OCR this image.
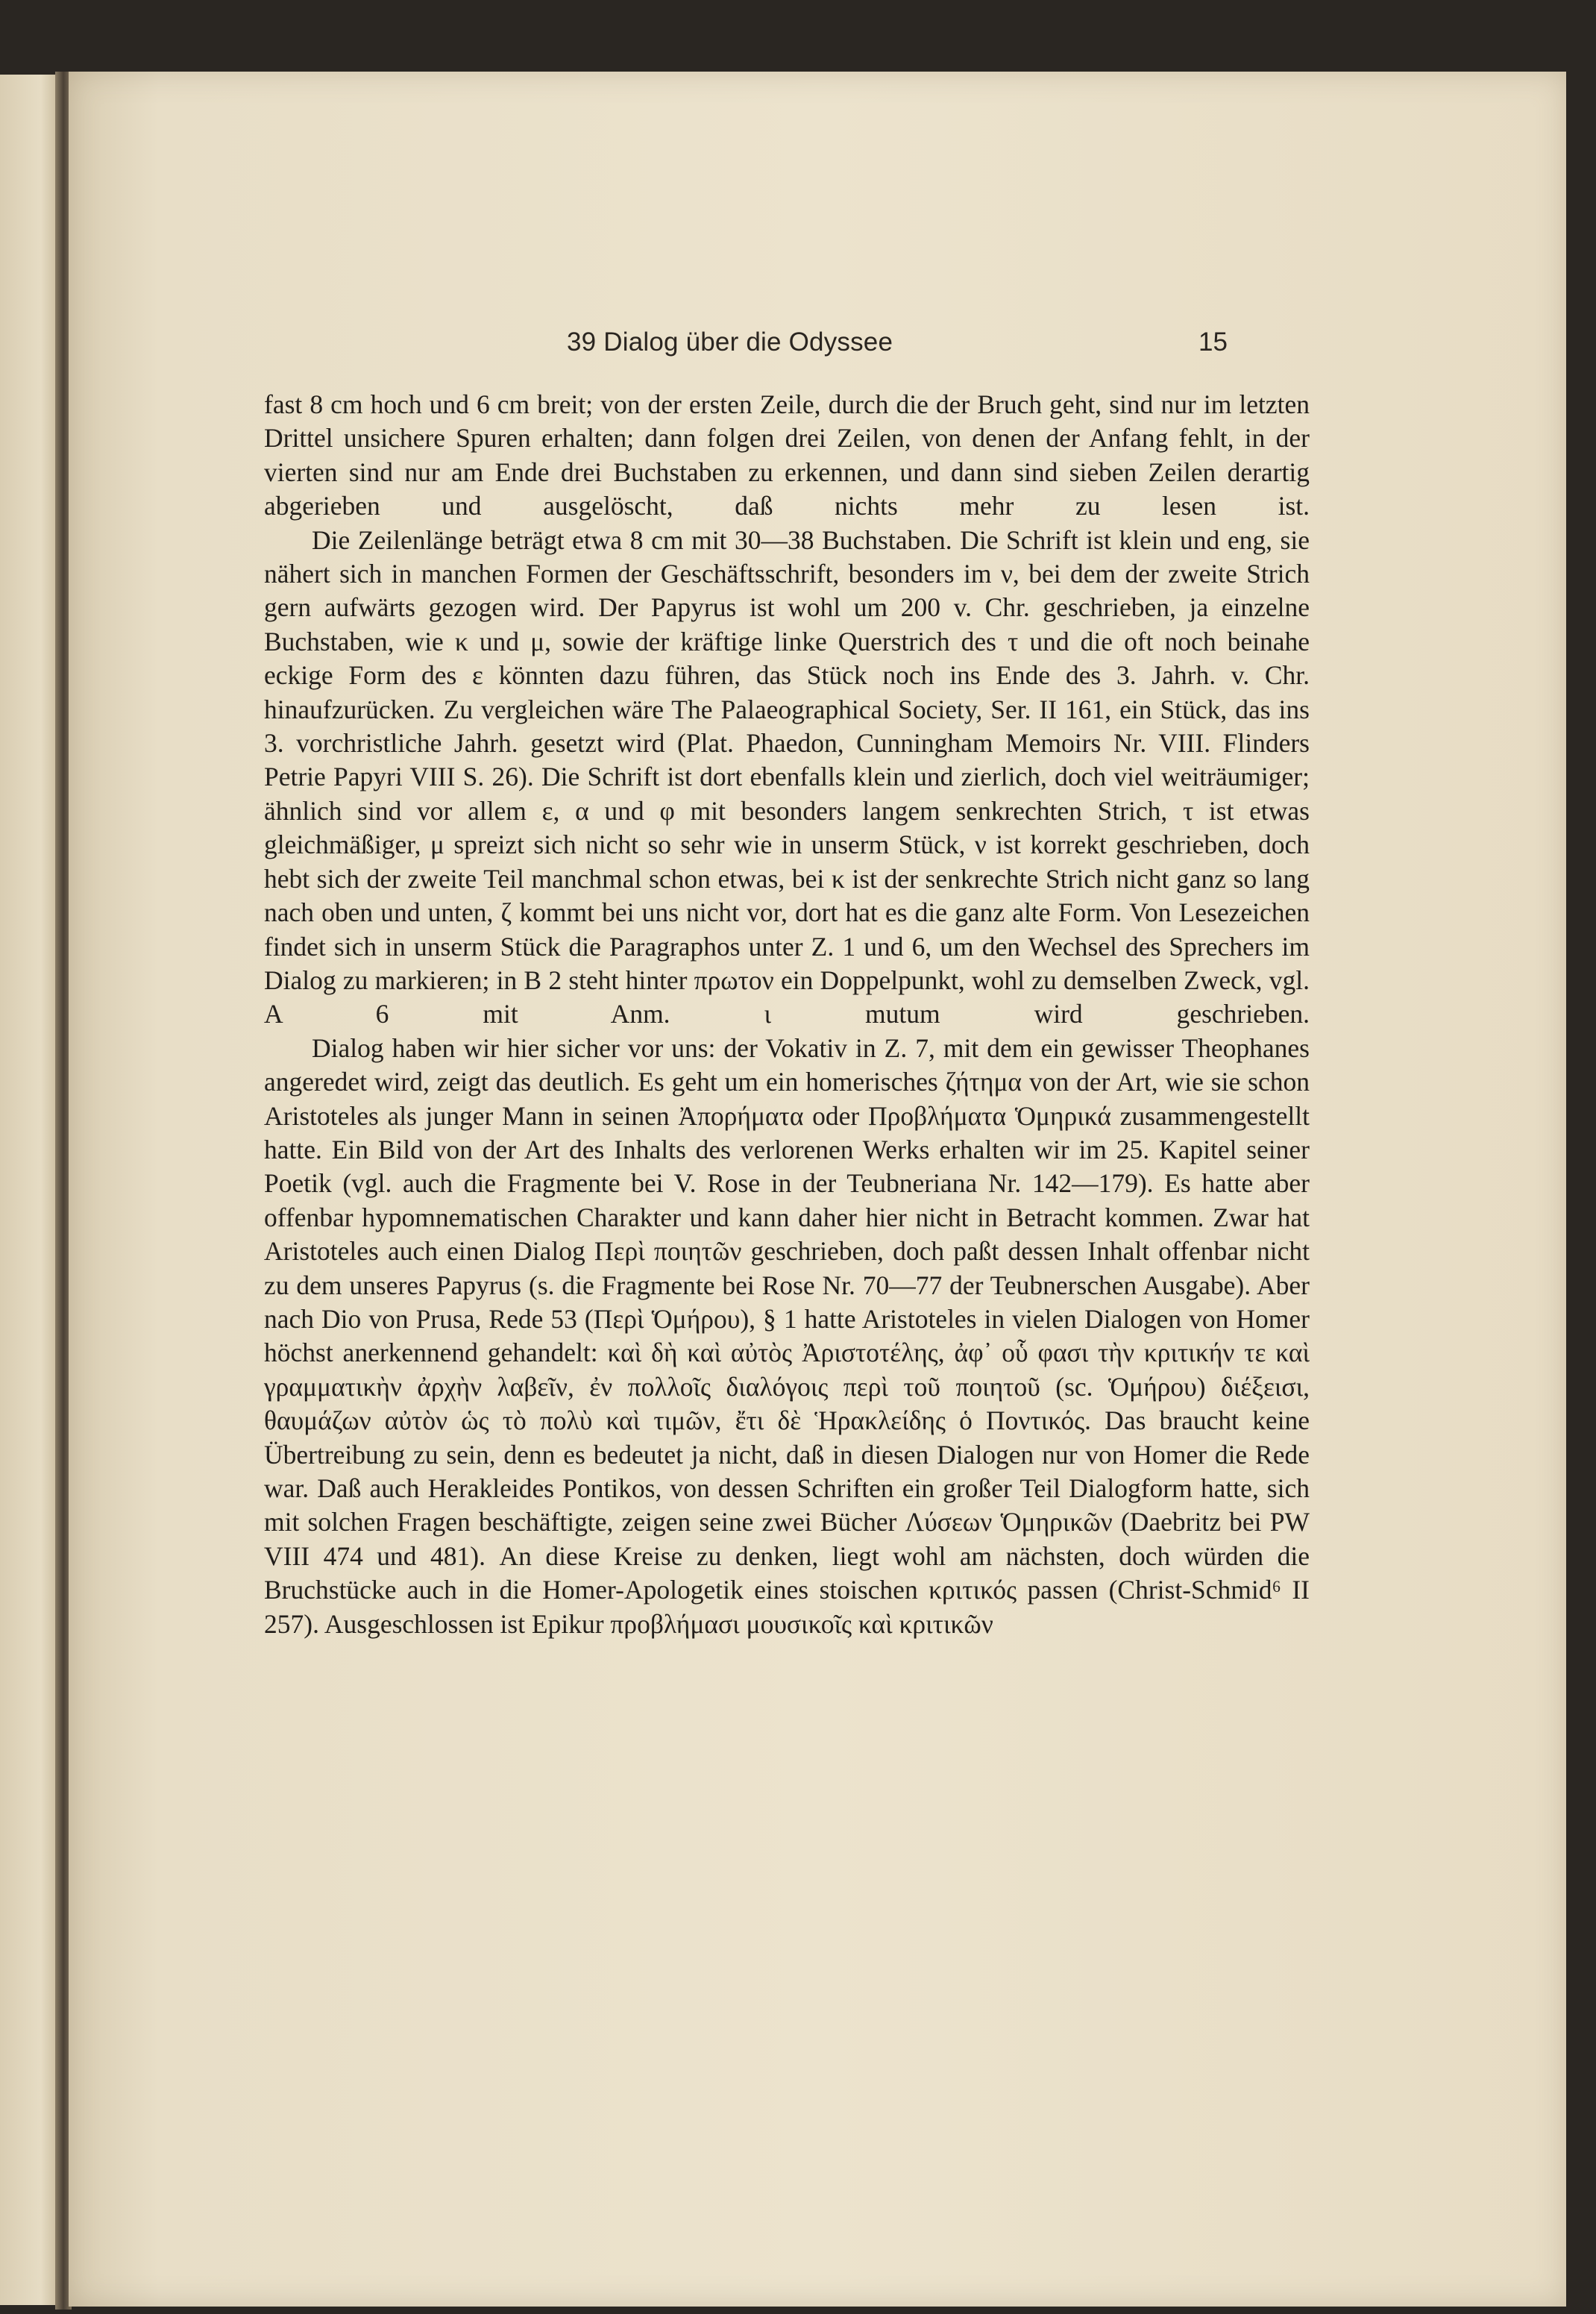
39 Dialog über die Odyssee	15

fast 8 cm hoch und 6 cm breit; von der ersten Zeile, durch die der Bruch geht, sind nur im letzten Drittel unsichere Spuren erhalten; dann folgen drei Zeilen, von denen der Anfang fehlt, in der vierten sind nur am Ende drei Buchstaben zu erkennen, und dann sind sieben Zeilen derartig abgerieben und ausgelöscht, daß nichts mehr zu lesen ist.

Die Zeilenlänge beträgt etwa 8 cm mit 30—38 Buchstaben. Die Schrift ist klein und eng, sie nähert sich in manchen Formen der Geschäftsschrift, besonders im ν, bei dem der zweite Strich gern aufwärts gezogen wird. Der Papyrus ist wohl um 200 v. Chr. geschrieben, ja einzelne Buchstaben, wie κ und μ, sowie der kräftige linke Querstrich des τ und die oft noch beinahe eckige Form des ε könnten dazu führen, das Stück noch ins Ende des 3. Jahrh. v. Chr. hinaufzurücken. Zu vergleichen wäre The Palaeographical Society, Ser. II 161, ein Stück, das ins 3. vorchristliche Jahrh. gesetzt wird (Plat. Phaedon, Cunningham Memoirs Nr. VIII. Flinders Petrie Papyri VIII S. 26). Die Schrift ist dort ebenfalls klein und zierlich, doch viel weiträumiger; ähnlich sind vor allem ε, α und φ mit besonders langem senkrechten Strich, τ ist etwas gleichmäßiger, μ spreizt sich nicht so sehr wie in unserm Stück, ν ist korrekt geschrieben, doch hebt sich der zweite Teil manchmal schon etwas, bei κ ist der senkrechte Strich nicht ganz so lang nach oben und unten, ζ kommt bei uns nicht vor, dort hat es die ganz alte Form. Von Lesezeichen findet sich in unserm Stück die Paragraphos unter Z. 1 und 6, um den Wechsel des Sprechers im Dialog zu markieren; in B 2 steht hinter πρωτον ein Doppelpunkt, wohl zu demselben Zweck, vgl. A 6 mit Anm. ι mutum wird geschrieben.

Dialog haben wir hier sicher vor uns: der Vokativ in Z. 7, mit dem ein gewisser Theophanes angeredet wird, zeigt das deutlich. Es geht um ein homerisches ζήτημα von der Art, wie sie schon Aristoteles als junger Mann in seinen Ἀπορήματα oder Προβλήματα Ὁμηρικά zusammengestellt hatte. Ein Bild von der Art des Inhalts des verlorenen Werks erhalten wir im 25. Kapitel seiner Poetik (vgl. auch die Fragmente bei V. Rose in der Teubneriana Nr. 142—179). Es hatte aber offenbar hypomnematischen Charakter und kann daher hier nicht in Betracht kommen. Zwar hat Aristoteles auch einen Dialog Περὶ ποιητῶν geschrieben, doch paßt dessen Inhalt offenbar nicht zu dem unseres Papyrus (s. die Fragmente bei Rose Nr. 70—77 der Teubnerschen Ausgabe). Aber nach Dio von Prusa, Rede 53 (Περὶ Ὁμήρου), § 1 hatte Aristoteles in vielen Dialogen von Homer höchst anerkennend gehandelt: καὶ δὴ καὶ αὐτὸς Ἀριστοτέλης, ἀφ᾽ οὗ φασι τὴν κριτικήν τε καὶ γραμματικὴν ἀρχὴν λαβεῖν, ἐν πολλοῖς διαλόγοις περὶ τοῦ ποιητοῦ (sc. Ὁμήρου) διέξεισι, θαυμάζων αὐτὸν ὡς τὸ πολὺ καὶ τιμῶν, ἔτι δὲ Ἡρακλείδης ὁ Ποντικός. Das braucht keine Übertreibung zu sein, denn es bedeutet ja nicht, daß in diesen Dialogen nur von Homer die Rede war. Daß auch Herakleides Pontikos, von dessen Schriften ein großer Teil Dialogform hatte, sich mit solchen Fragen beschäftigte, zeigen seine zwei Bücher Λύσεων Ὁμηρικῶν (Daebritz bei PW VIII 474 und 481). An diese Kreise zu denken, liegt wohl am nächsten, doch würden die Bruchstücke auch in die Homer-Apologetik eines stoischen κριτικός passen (Christ-Schmid⁶ II 257). Ausgeschlossen ist Epikur προβλήμασι μουσικοῖς καὶ κριτικῶν
